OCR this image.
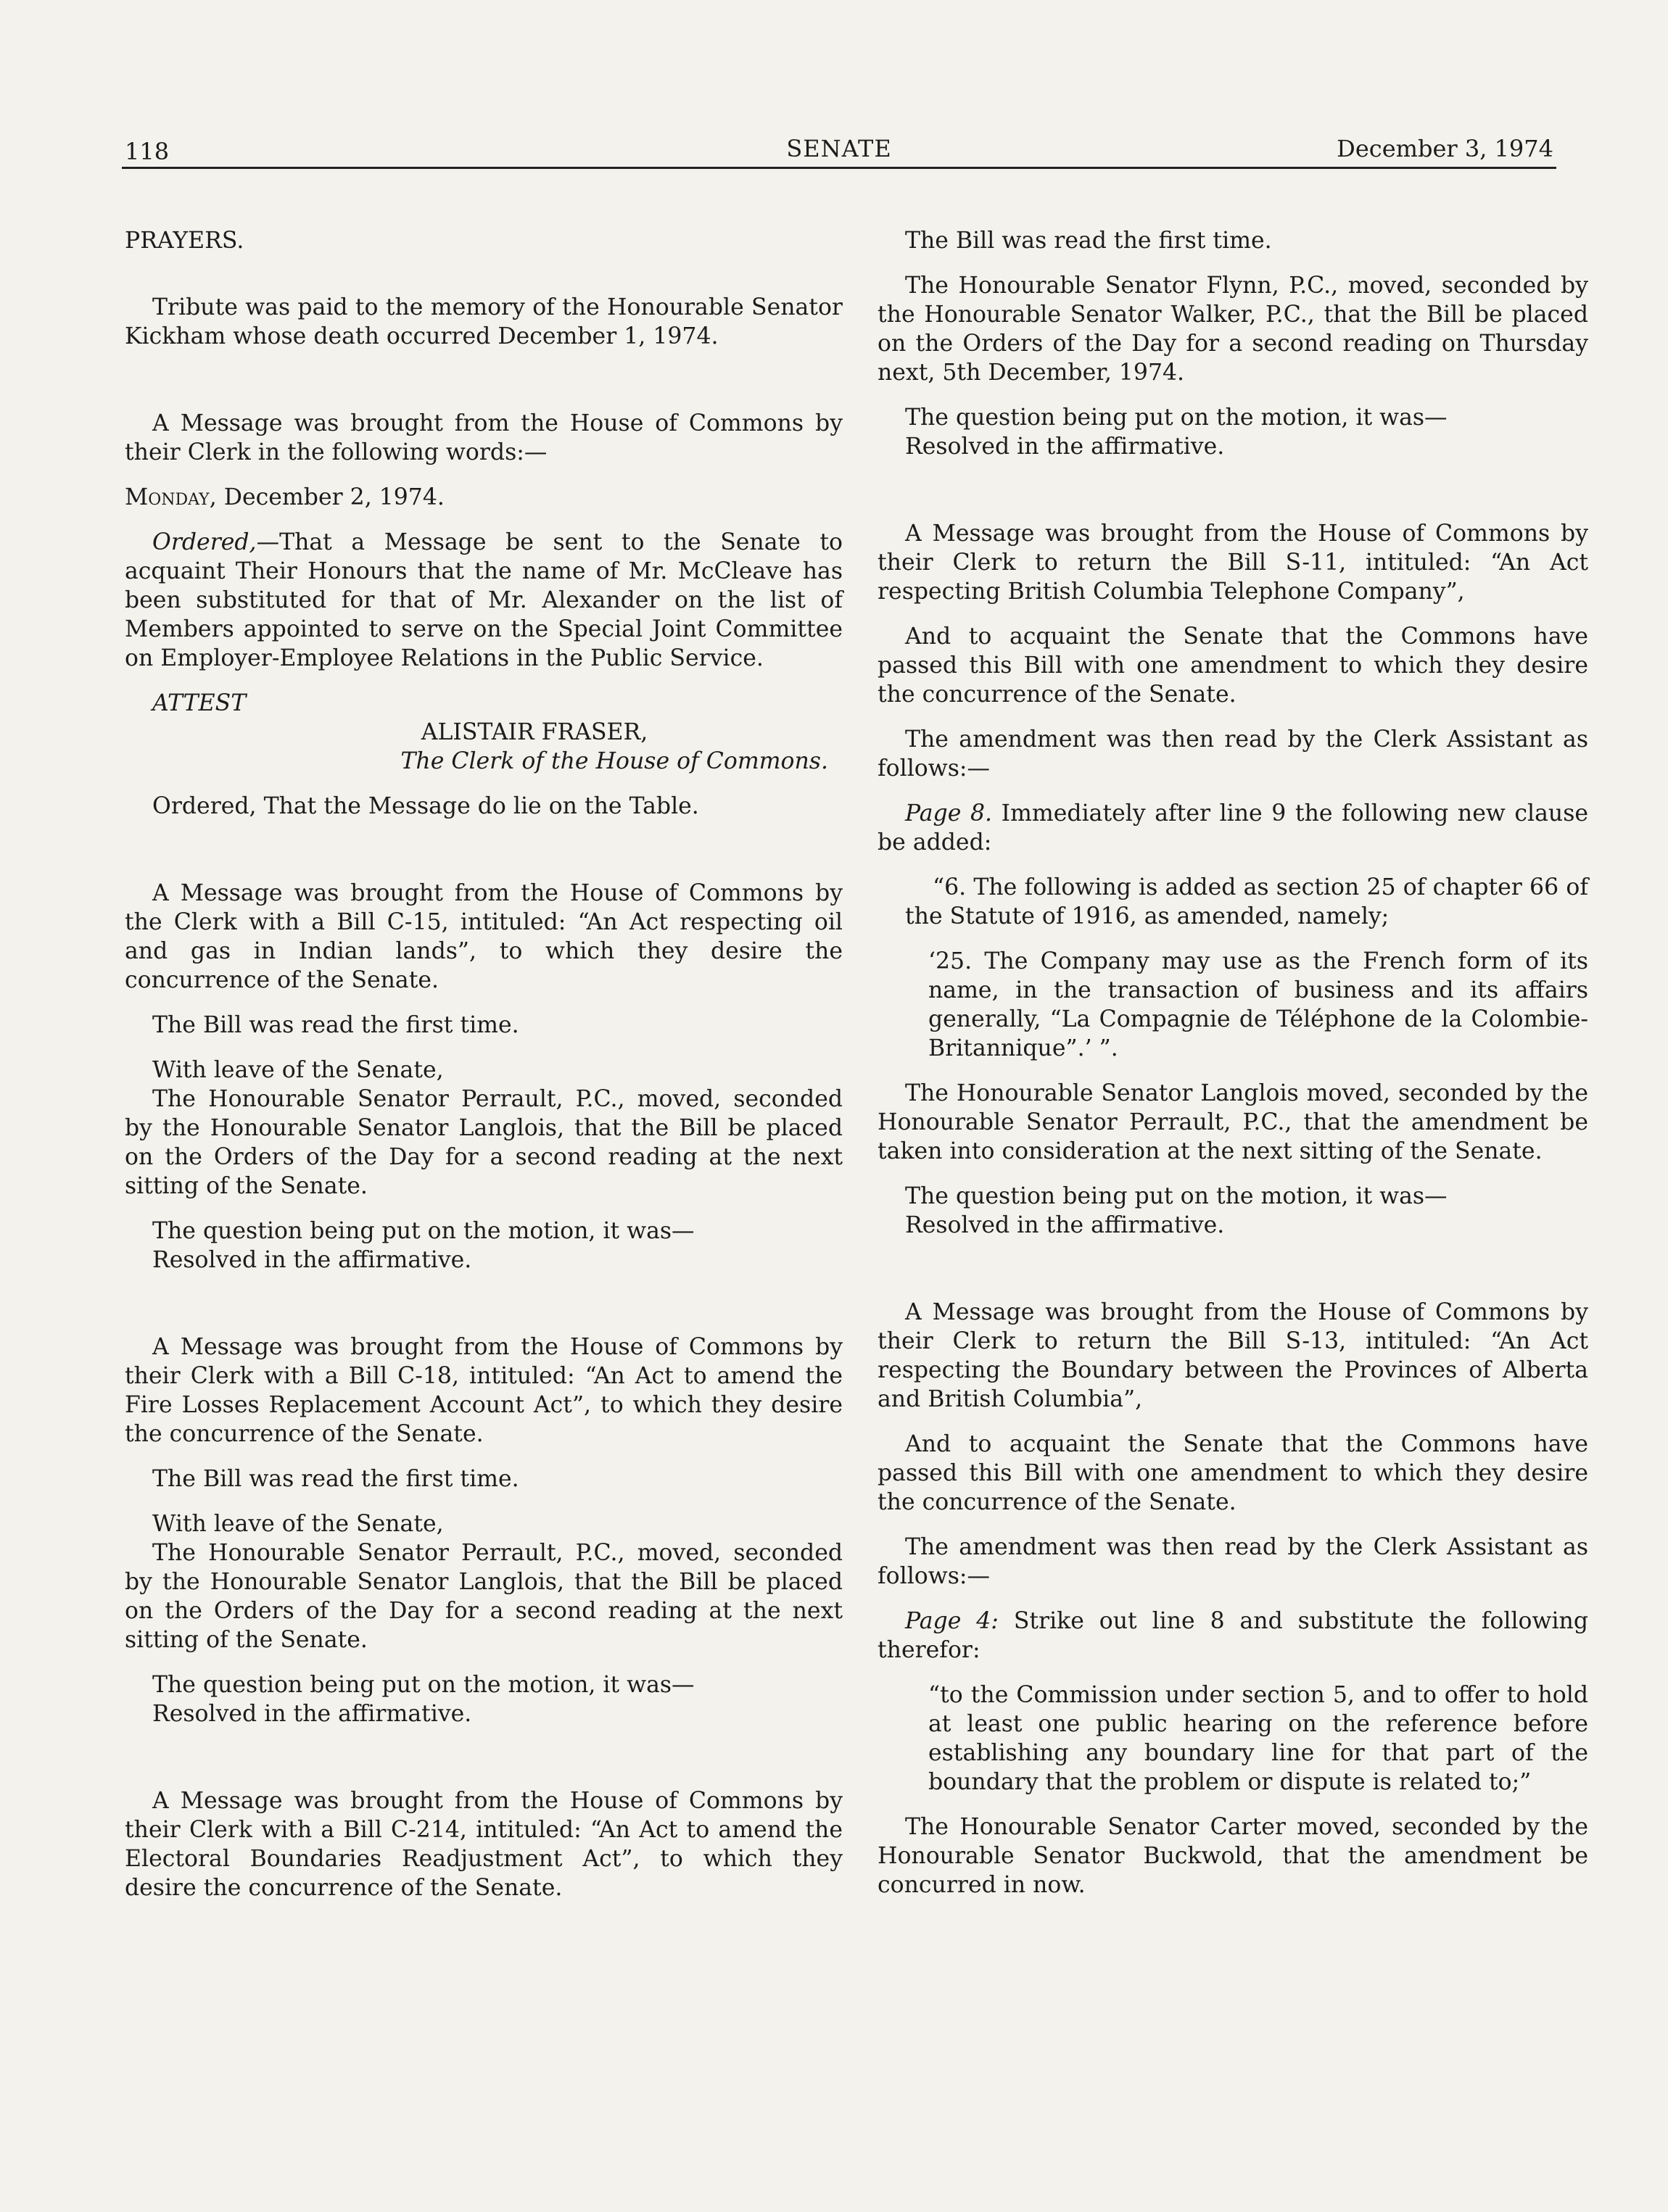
118	SENATE	December 3, 1974

PRAYERS.

Tribute was paid to the memory of the Honourable Senator Kickham whose death occurred December 1, 1974.

A Message was brought from the House of Commons by their Clerk in the following words:—

Monday, December 2, 1974.

Ordered,—That a Message be sent to the Senate to acquaint Their Honours that the name of Mr. McCleave has been substituted for that of Mr. Alexander on the list of Members appointed to serve on the Special Joint Committee on Employer-Employee Relations in the Public Service.

ATTEST

ALISTAIR FRASER,

The Clerk of the House of Commons.

Ordered, That the Message do lie on the Table.

A Message was brought from the House of Commons by the Clerk with a Bill C-15, intituled: “An Act respecting oil and gas in Indian lands”, to which they desire the concurrence of the Senate.

The Bill was read the first time.

With leave of the Senate,

The Honourable Senator Perrault, P.C., moved, seconded by the Honourable Senator Langlois, that the Bill be placed on the Orders of the Day for a second reading at the next sitting of the Senate.

The question being put on the motion, it was—

Resolved in the affirmative.

A Message was brought from the House of Commons by their Clerk with a Bill C-18, intituled: “An Act to amend the Fire Losses Replacement Account Act”, to which they desire the concurrence of the Senate.

The Bill was read the first time.

With leave of the Senate,

The Honourable Senator Perrault, P.C., moved, seconded by the Honourable Senator Langlois, that the Bill be placed on the Orders of the Day for a second reading at the next sitting of the Senate.

The question being put on the motion, it was—

Resolved in the affirmative.

A Message was brought from the House of Commons by their Clerk with a Bill C-214, intituled: “An Act to amend the Electoral Boundaries Readjustment Act”, to which they desire the concurrence of the Senate.

The Bill was read the first time.

The Honourable Senator Flynn, P.C., moved, seconded by the Honourable Senator Walker, P.C., that the Bill be placed on the Orders of the Day for a second reading on Thursday next, 5th December, 1974.

The question being put on the motion, it was—

Resolved in the affirmative.

A Message was brought from the House of Commons by their Clerk to return the Bill S-11, intituled: “An Act respecting British Columbia Telephone Company”,

And to acquaint the Senate that the Commons have passed this Bill with one amendment to which they desire the concurrence of the Senate.

The amendment was then read by the Clerk Assistant as follows:—

Page 8. Immediately after line 9 the following new clause be added:

“6. The following is added as section 25 of chapter 66 of the Statute of 1916, as amended, namely;

‘25. The Company may use as the French form of its name, in the transaction of business and its affairs generally, “La Compagnie de Téléphone de la Colombie-Britannique”.’ ”.

The Honourable Senator Langlois moved, seconded by the Honourable Senator Perrault, P.C., that the amendment be taken into consideration at the next sitting of the Senate.

The question being put on the motion, it was—

Resolved in the affirmative.

A Message was brought from the House of Commons by their Clerk to return the Bill S-13, intituled: “An Act respecting the Boundary between the Provinces of Alberta and British Columbia”,

And to acquaint the Senate that the Commons have passed this Bill with one amendment to which they desire the concurrence of the Senate.

The amendment was then read by the Clerk Assistant as follows:—

Page 4: Strike out line 8 and substitute the following therefor:

“to the Commission under section 5, and to offer to hold at least one public hearing on the reference before establishing any boundary line for that part of the boundary that the problem or dispute is related to;”

The Honourable Senator Carter moved, seconded by the Honourable Senator Buckwold, that the amendment be concurred in now.
